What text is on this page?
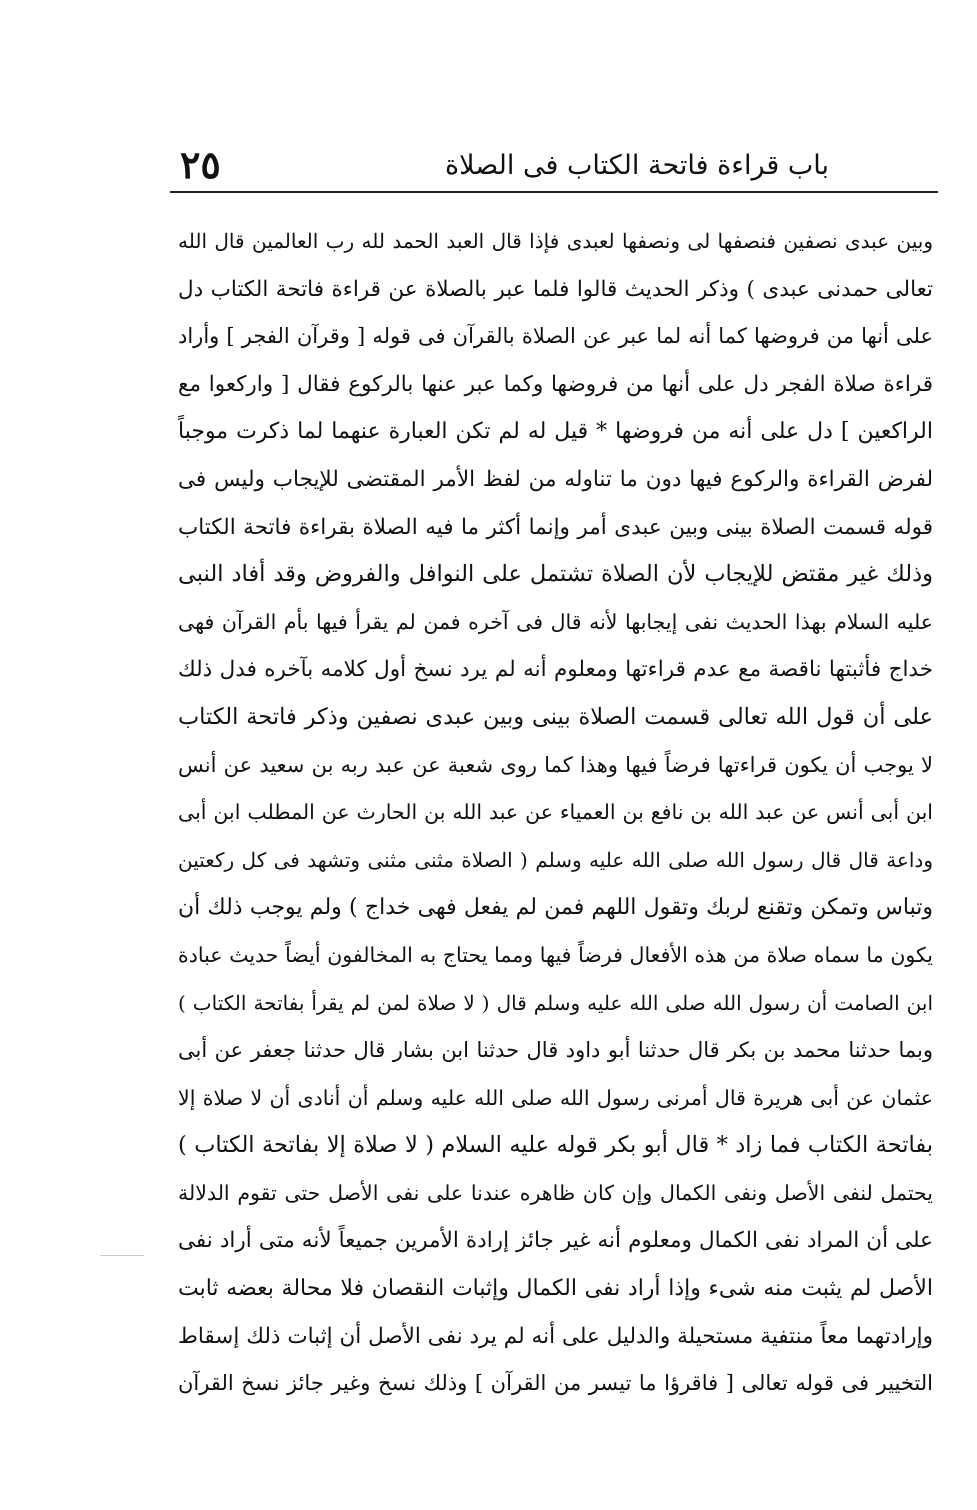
باب قراءة فاتحة الكتاب فى الصلاة
٢٥
وبين عبدى نصفين فنصفها لى ونصفها لعبدى فإذا قال العبد الحمد لله رب العالمين قال الله
تعالى حمدنى عبدى ) وذكر الحديث قالوا فلما عبر بالصلاة عن قراءة فاتحة الكتاب دل
على أنها من فروضها كما أنه لما عبر عن الصلاة بالقرآن فى قوله [ وقرآن الفجر ] وأراد
قراءة صلاة الفجر دل على أنها من فروضها وكما عبر عنها بالركوع فقال [ واركعوا مع
الراكعين ] دل على أنه من فروضها * قيل له لم تكن العبارة عنهما لما ذكرت موجباً
لفرض القراءة والركوع فيها دون ما تناوله من لفظ الأمر المقتضى للإيجاب وليس فى
قوله قسمت الصلاة بينى وبين عبدى أمر وإنما أكثر ما فيه الصلاة بقراءة فاتحة الكتاب
وذلك غير مقتض للإيجاب لأن الصلاة تشتمل على النوافل والفروض وقد أفاد النبى
عليه السلام بهذا الحديث نفى إيجابها لأنه قال فى آخره فمن لم يقرأ فيها بأم القرآن فهى
خداج فأثبتها ناقصة مع عدم قراءتها ومعلوم أنه لم يرد نسخ أول كلامه بآخره فدل ذلك
على أن قول الله تعالى قسمت الصلاة بينى وبين عبدى نصفين وذكر فاتحة الكتاب
لا يوجب أن يكون قراءتها فرضاً فيها وهذا كما روى شعبة عن عبد ربه بن سعيد عن أنس
ابن أبى أنس عن عبد الله بن نافع بن العمياء عن عبد الله بن الحارث عن المطلب ابن أبى
وداعة قال قال رسول الله صلى الله عليه وسلم ( الصلاة مثنى مثنى وتشهد فى كل ركعتين
وتباس وتمكن وتقنع لربك وتقول اللهم فمن لم يفعل فهى خداج ) ولم يوجب ذلك أن
يكون ما سماه صلاة من هذه الأفعال فرضاً فيها ومما يحتاج به المخالفون أيضاً حديث عبادة
ابن الصامت أن رسول الله صلى الله عليه وسلم قال ( لا صلاة لمن لم يقرأ بفاتحة الكتاب )
وبما حدثنا محمد بن بكر قال حدثنا أبو داود قال حدثنا ابن بشار قال حدثنا جعفر عن أبى
عثمان عن أبى هريرة قال أمرنى رسول الله صلى الله عليه وسلم أن أنادى أن لا صلاة إلا
بفاتحة الكتاب فما زاد * قال أبو بكر قوله عليه السلام ( لا صلاة إلا بفاتحة الكتاب )
يحتمل لنفى الأصل ونفى الكمال وإن كان ظاهره عندنا على نفى الأصل حتى تقوم الدلالة
على أن المراد نفى الكمال ومعلوم أنه غير جائز إرادة الأمرين جميعاً لأنه متى أراد نفى
الأصل لم يثبت منه شىء وإذا أراد نفى الكمال وإثبات النقصان فلا محالة بعضه ثابت
وإرادتهما معاً منتفية مستحيلة والدليل على أنه لم يرد نفى الأصل أن إثبات ذلك إسقاط
التخيير فى قوله تعالى [ فاقرؤا ما تيسر من القرآن ] وذلك نسخ وغير جائز نسخ القرآن
